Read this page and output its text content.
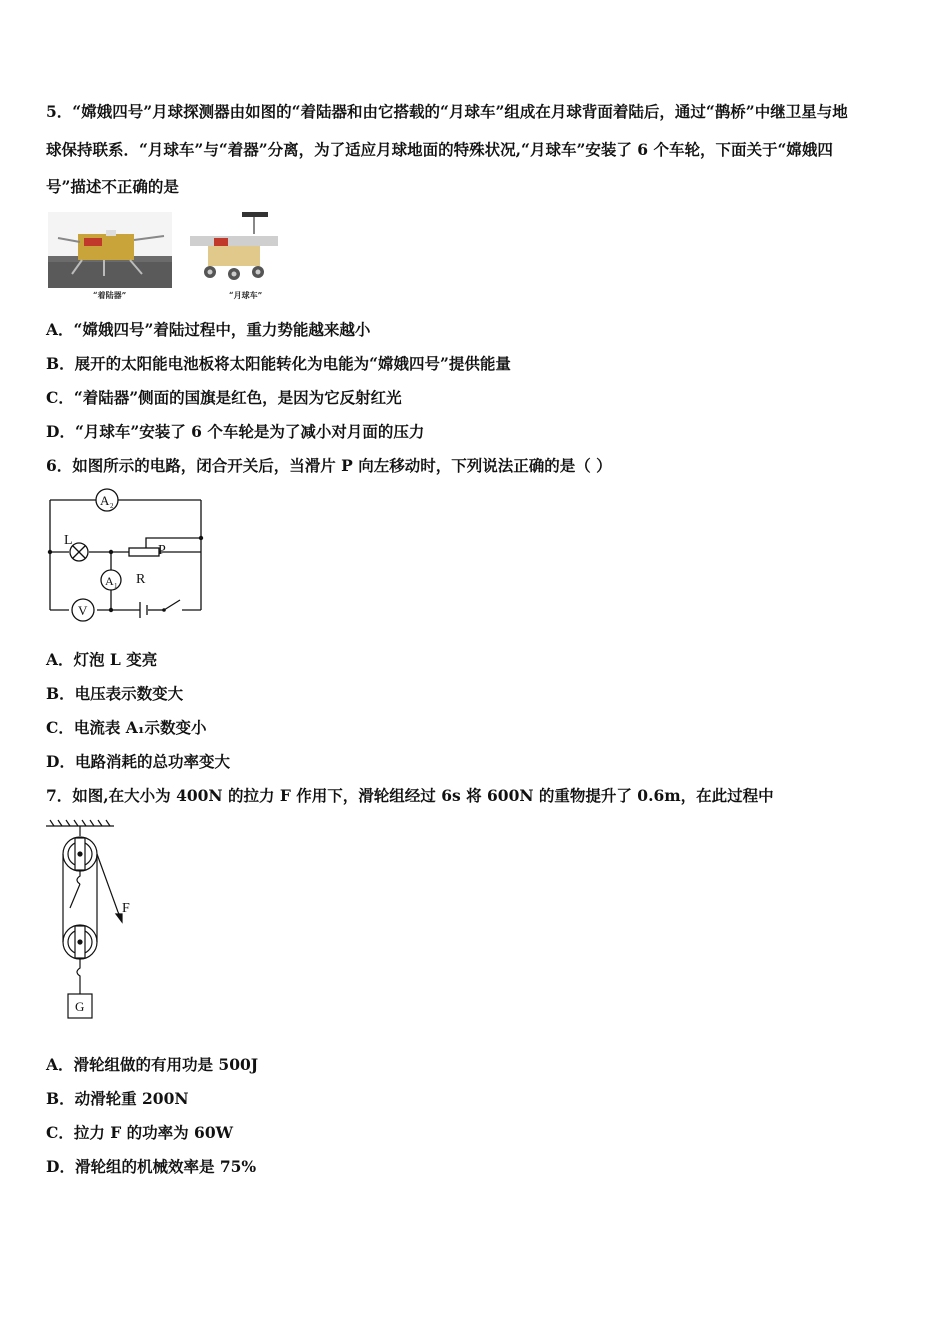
5．“嫦娥四号”月球探测器由如图的“着陆器和由它搭载的“月球车”组成在月球背面着陆后，通过“鹊桥”中继卫星与地
球保持联系．“月球车”与“着器”分离，为了适应月球地面的特殊状况,“月球车”安装了 6 个车轮，下面关于“嫦娥四
号”描述不正确的是
“着陆器”	“月球车”
A．“嫦娥四号”着陆过程中，重力势能越来越小
B．展开的太阳能电池板将太阳能转化为电能为“嫦娥四号”提供能量
C．“着陆器”侧面的国旗是红色，是因为它反射红光
D．“月球车”安装了 6 个车轮是为了减小对月面的压力
6．如图所示的电路，闭合开关后，当滑片 P 向左移动时，下列说法正确的是（ ）
A 2
A 1
V
L
P
R
A．灯泡 L 变亮
B．电压表示数变大
C．电流表 A₁示数变小
D．电路消耗的总功率变大
7．如图,在大小为 400N 的拉力 F 作用下，滑轮组经过 6s 将 600N 的重物提升了 0.6m，在此过程中
F
G
A．滑轮组做的有用功是 500J
B．动滑轮重 200N
C．拉力 F 的功率为 60W
D．滑轮组的机械效率是 75%
